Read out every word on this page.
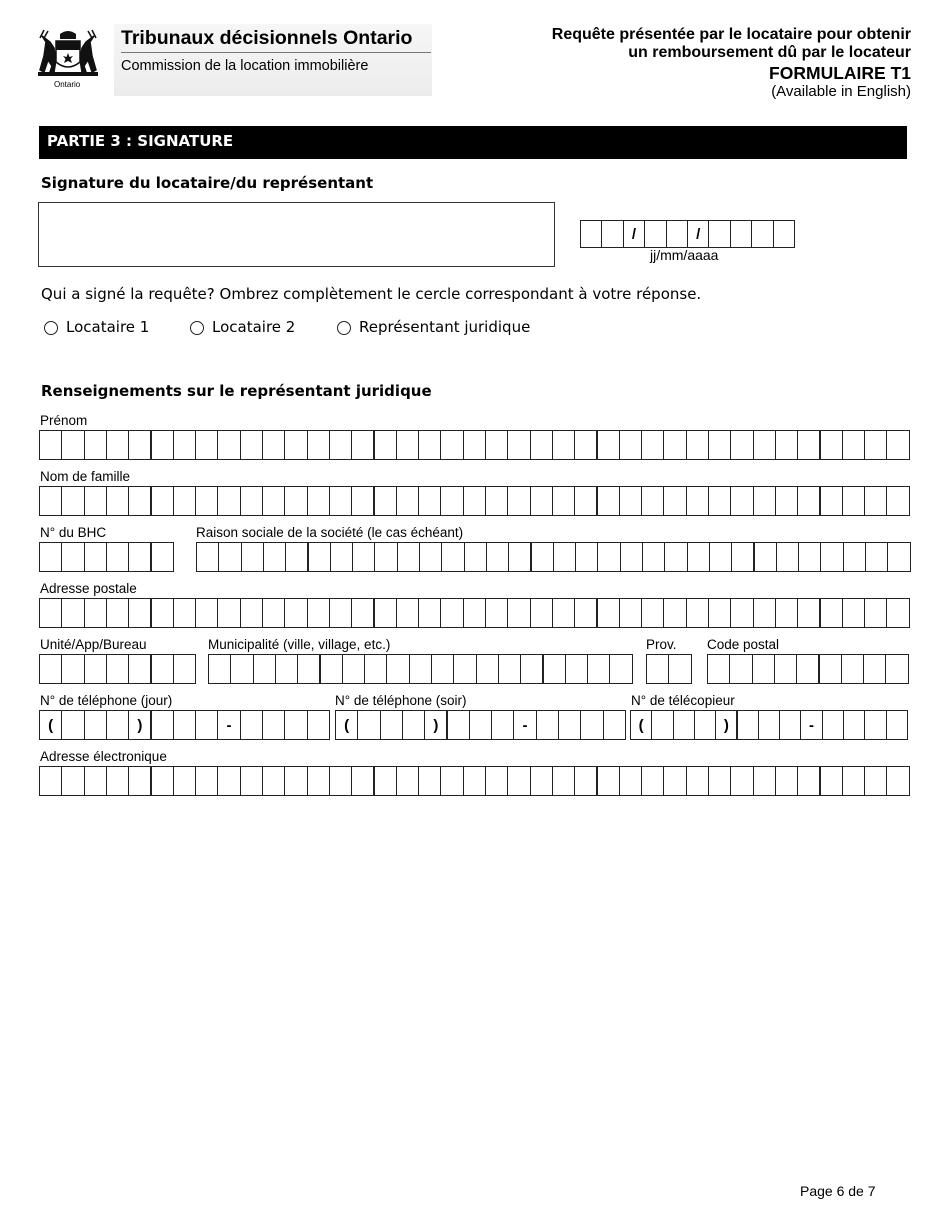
Ontario
Tribunaux décisionnels Ontario
Commission de la location immobilière
Requête présentée par le locataire pour obtenir
un remboursement dû par le locateur
FORMULAIRE T1
(Available in English)
PARTIE 3 : SIGNATURE
Signature du locataire/du représentant
/	/
jj/mm/aaaa
Qui a signé la requête? Ombrez complètement le cercle correspondant à votre réponse.
Locataire 1	Locataire 2	Représentant juridique
Renseignements sur le représentant juridique
Prénom
Nom de famille
N° du BHC	Raison sociale de la société (le cas échéant)
Adresse postale
Unité/App/Bureau	Municipalité (ville, village, etc.)	Prov. Code postal
N° de téléphone (jour)	N° de téléphone (soir)	N° de télécopieur
Adresse électronique
(	)	-	(	)	-	(	)	-
Page 6 de 7
